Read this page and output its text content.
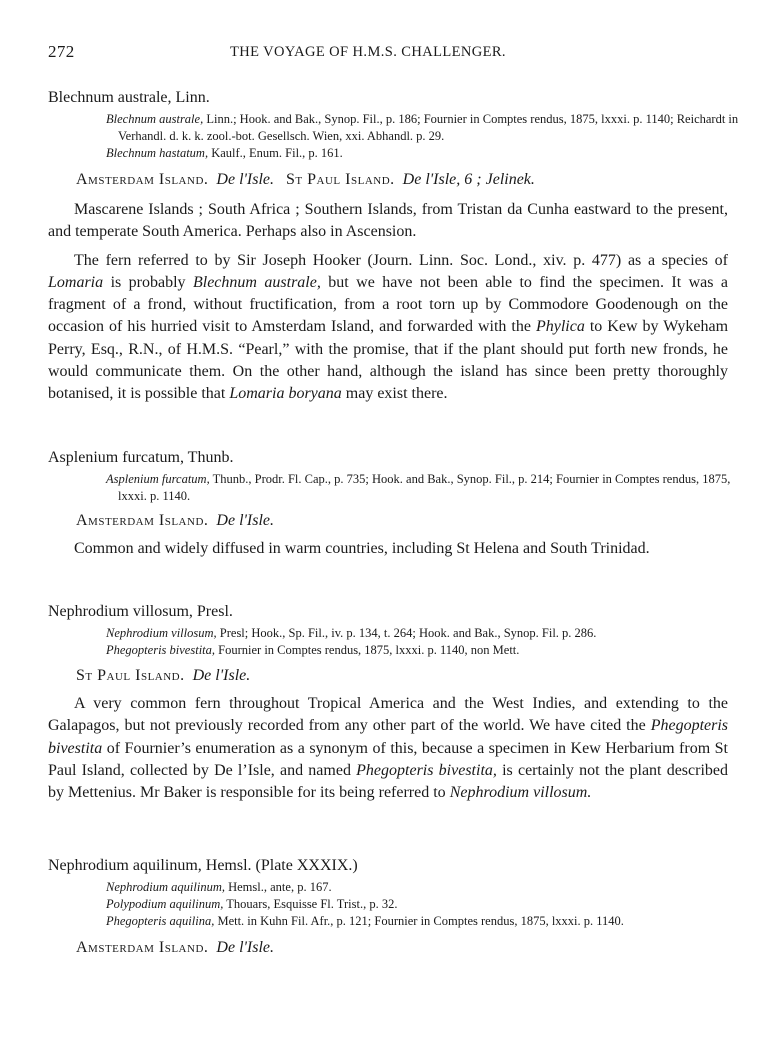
272	THE VOYAGE OF H.M.S. CHALLENGER.

Blechnum australe, Linn.

Blechnum australe, Linn.; Hook. and Bak., Synop. Fil., p. 186; Fournier in Comptes rendus, 1875, lxxxi. p. 1140; Reichardt in Verhandl. d. k. k. zool.-bot. Gesellsch. Wien, xxi. Abhandl. p. 29.

Blechnum hastatum, Kaulf., Enum. Fil., p. 161.

Amsterdam Island. De l'Isle. St Paul Island. De l'Isle, 6 ; Jelinek.

Mascarene Islands ; South Africa ; Southern Islands, from Tristan da Cunha eastward to the present, and temperate South America. Perhaps also in Ascension.

The fern referred to by Sir Joseph Hooker (Journ. Linn. Soc. Lond., xiv. p. 477) as a species of Lomaria is probably Blechnum australe, but we have not been able to find the specimen. It was a fragment of a frond, without fructification, from a root torn up by Commodore Goodenough on the occasion of his hurried visit to Amsterdam Island, and forwarded with the Phylica to Kew by Wykeham Perry, Esq., R.N., of H.M.S. “Pearl,” with the promise, that if the plant should put forth new fronds, he would communicate them. On the other hand, although the island has since been pretty thoroughly botanised, it is possible that Lomaria boryana may exist there.

Asplenium furcatum, Thunb.

Asplenium furcatum, Thunb., Prodr. Fl. Cap., p. 735; Hook. and Bak., Synop. Fil., p. 214; Fournier in Comptes rendus, 1875, lxxxi. p. 1140.

Amsterdam Island. De l'Isle.

Common and widely diffused in warm countries, including St Helena and South Trinidad.

Nephrodium villosum, Presl.

Nephrodium villosum, Presl; Hook., Sp. Fil., iv. p. 134, t. 264; Hook. and Bak., Synop. Fil. p. 286.

Phegopteris bivestita, Fournier in Comptes rendus, 1875, lxxxi. p. 1140, non Mett.

St Paul Island. De l'Isle.

A very common fern throughout Tropical America and the West Indies, and extending to the Galapagos, but not previously recorded from any other part of the world. We have cited the Phegopteris bivestita of Fournier’s enumeration as a synonym of this, because a specimen in Kew Herbarium from St Paul Island, collected by De l’Isle, and named Phegopteris bivestita, is certainly not the plant described by Mettenius. Mr Baker is responsible for its being referred to Nephrodium villosum.

Nephrodium aquilinum, Hemsl. (Plate XXXIX.)

Nephrodium aquilinum, Hemsl., ante, p. 167.

Polypodium aquilinum, Thouars, Esquisse Fl. Trist., p. 32.

Phegopteris aquilina, Mett. in Kuhn Fil. Afr., p. 121; Fournier in Comptes rendus, 1875, lxxxi. p. 1140.

Amsterdam Island. De l'Isle.
